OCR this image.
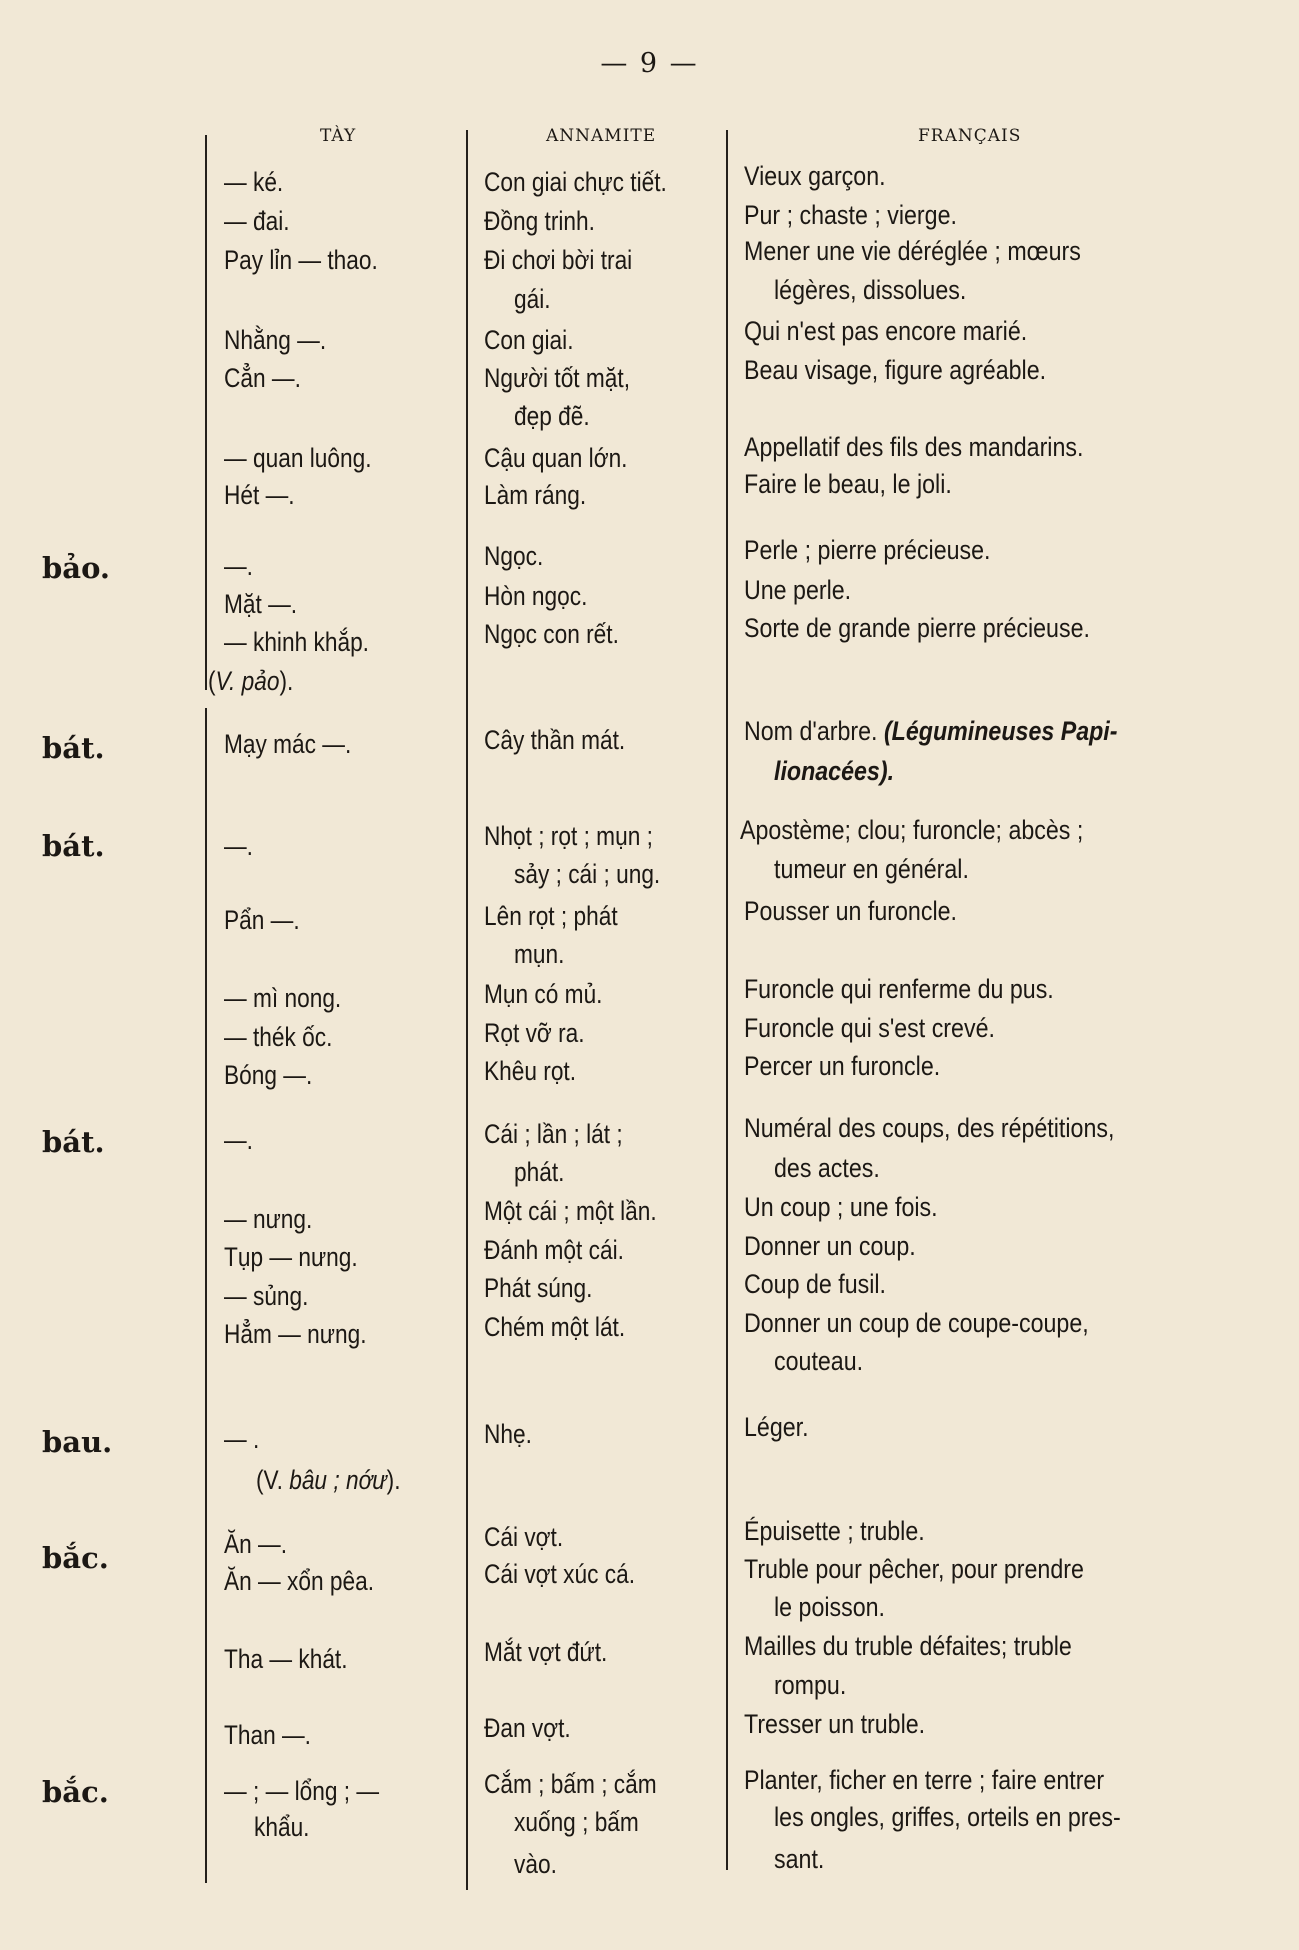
— 9 —
TÀY	ANNAMITE	FRANÇAIS
bảo.
bát.
bát.
bát.
bau.
bắc.
bắc.
— ké.
— đai.
Pay lỉn — thao.
Nhằng —.
Cẳn —.
— quan luông.
Hét —.
—.
Mặt —.
— khinh khắp.
(V. pảo).
Mạy mác —.
—.
Pẩn —.
— mì nong.
— thék ốc.
Bóng —.
—.
— nưng.
Tụp — nưng.
— sủng.
Hẳm — nưng.
— .
(V. bâu ; nớư).
Ăn —.
Ăn — xổn pêa.
Tha — khát.
Than —.
— ; — lổng ; —
khẩu.
Con giai chực tiết.
Đồng trinh.
Đi chơi bời trai
gái.
Con giai.
Người tốt mặt,
đẹp đẽ.
Cậu quan lớn.
Làm ráng.
Ngọc.
Hòn ngọc.
Ngọc con rết.
Cây thần mát.
Nhọt ; rọt ; mụn ;
sảy ; cái ; ung.
Lên rọt ; phát
mụn.
Mụn có mủ.
Rọt vỡ ra.
Khêu rọt.
Cái ; lần ; lát ;
phát.
Một cái ; một lần.
Đánh một cái.
Phát súng.
Chém một lát.
Nhẹ.
Cái vợt.
Cái vợt xúc cá.
Mắt vợt đứt.
Đan vợt.
Cắm ; bấm ; cắm
xuống ; bấm
vào.
Vieux garçon.
Pur ; chaste ; vierge.
Mener une vie déréglée ; mœurs
légères, dissolues.
Qui n'est pas encore marié.
Beau visage, figure agréable.
Appellatif des fils des mandarins.
Faire le beau, le joli.
Perle ; pierre précieuse.
Une perle.
Sorte de grande pierre précieuse.
Nom d'arbre. (Légumineuses Papi-
lionacées).
Apostème; clou; furoncle; abcès ;
tumeur en général.
Pousser un furoncle.
Furoncle qui renferme du pus.
Furoncle qui s'est crevé.
Percer un furoncle.
Numéral des coups, des répétitions,
des actes.
Un coup ; une fois.
Donner un coup.
Coup de fusil.
Donner un coup de coupe-coupe,
couteau.
Léger.
Épuisette ; truble.
Truble pour pêcher, pour prendre
le poisson.
Mailles du truble défaites; truble
rompu.
Tresser un truble.
Planter, ficher en terre ; faire entrer
les ongles, griffes, orteils en pres-
sant.
